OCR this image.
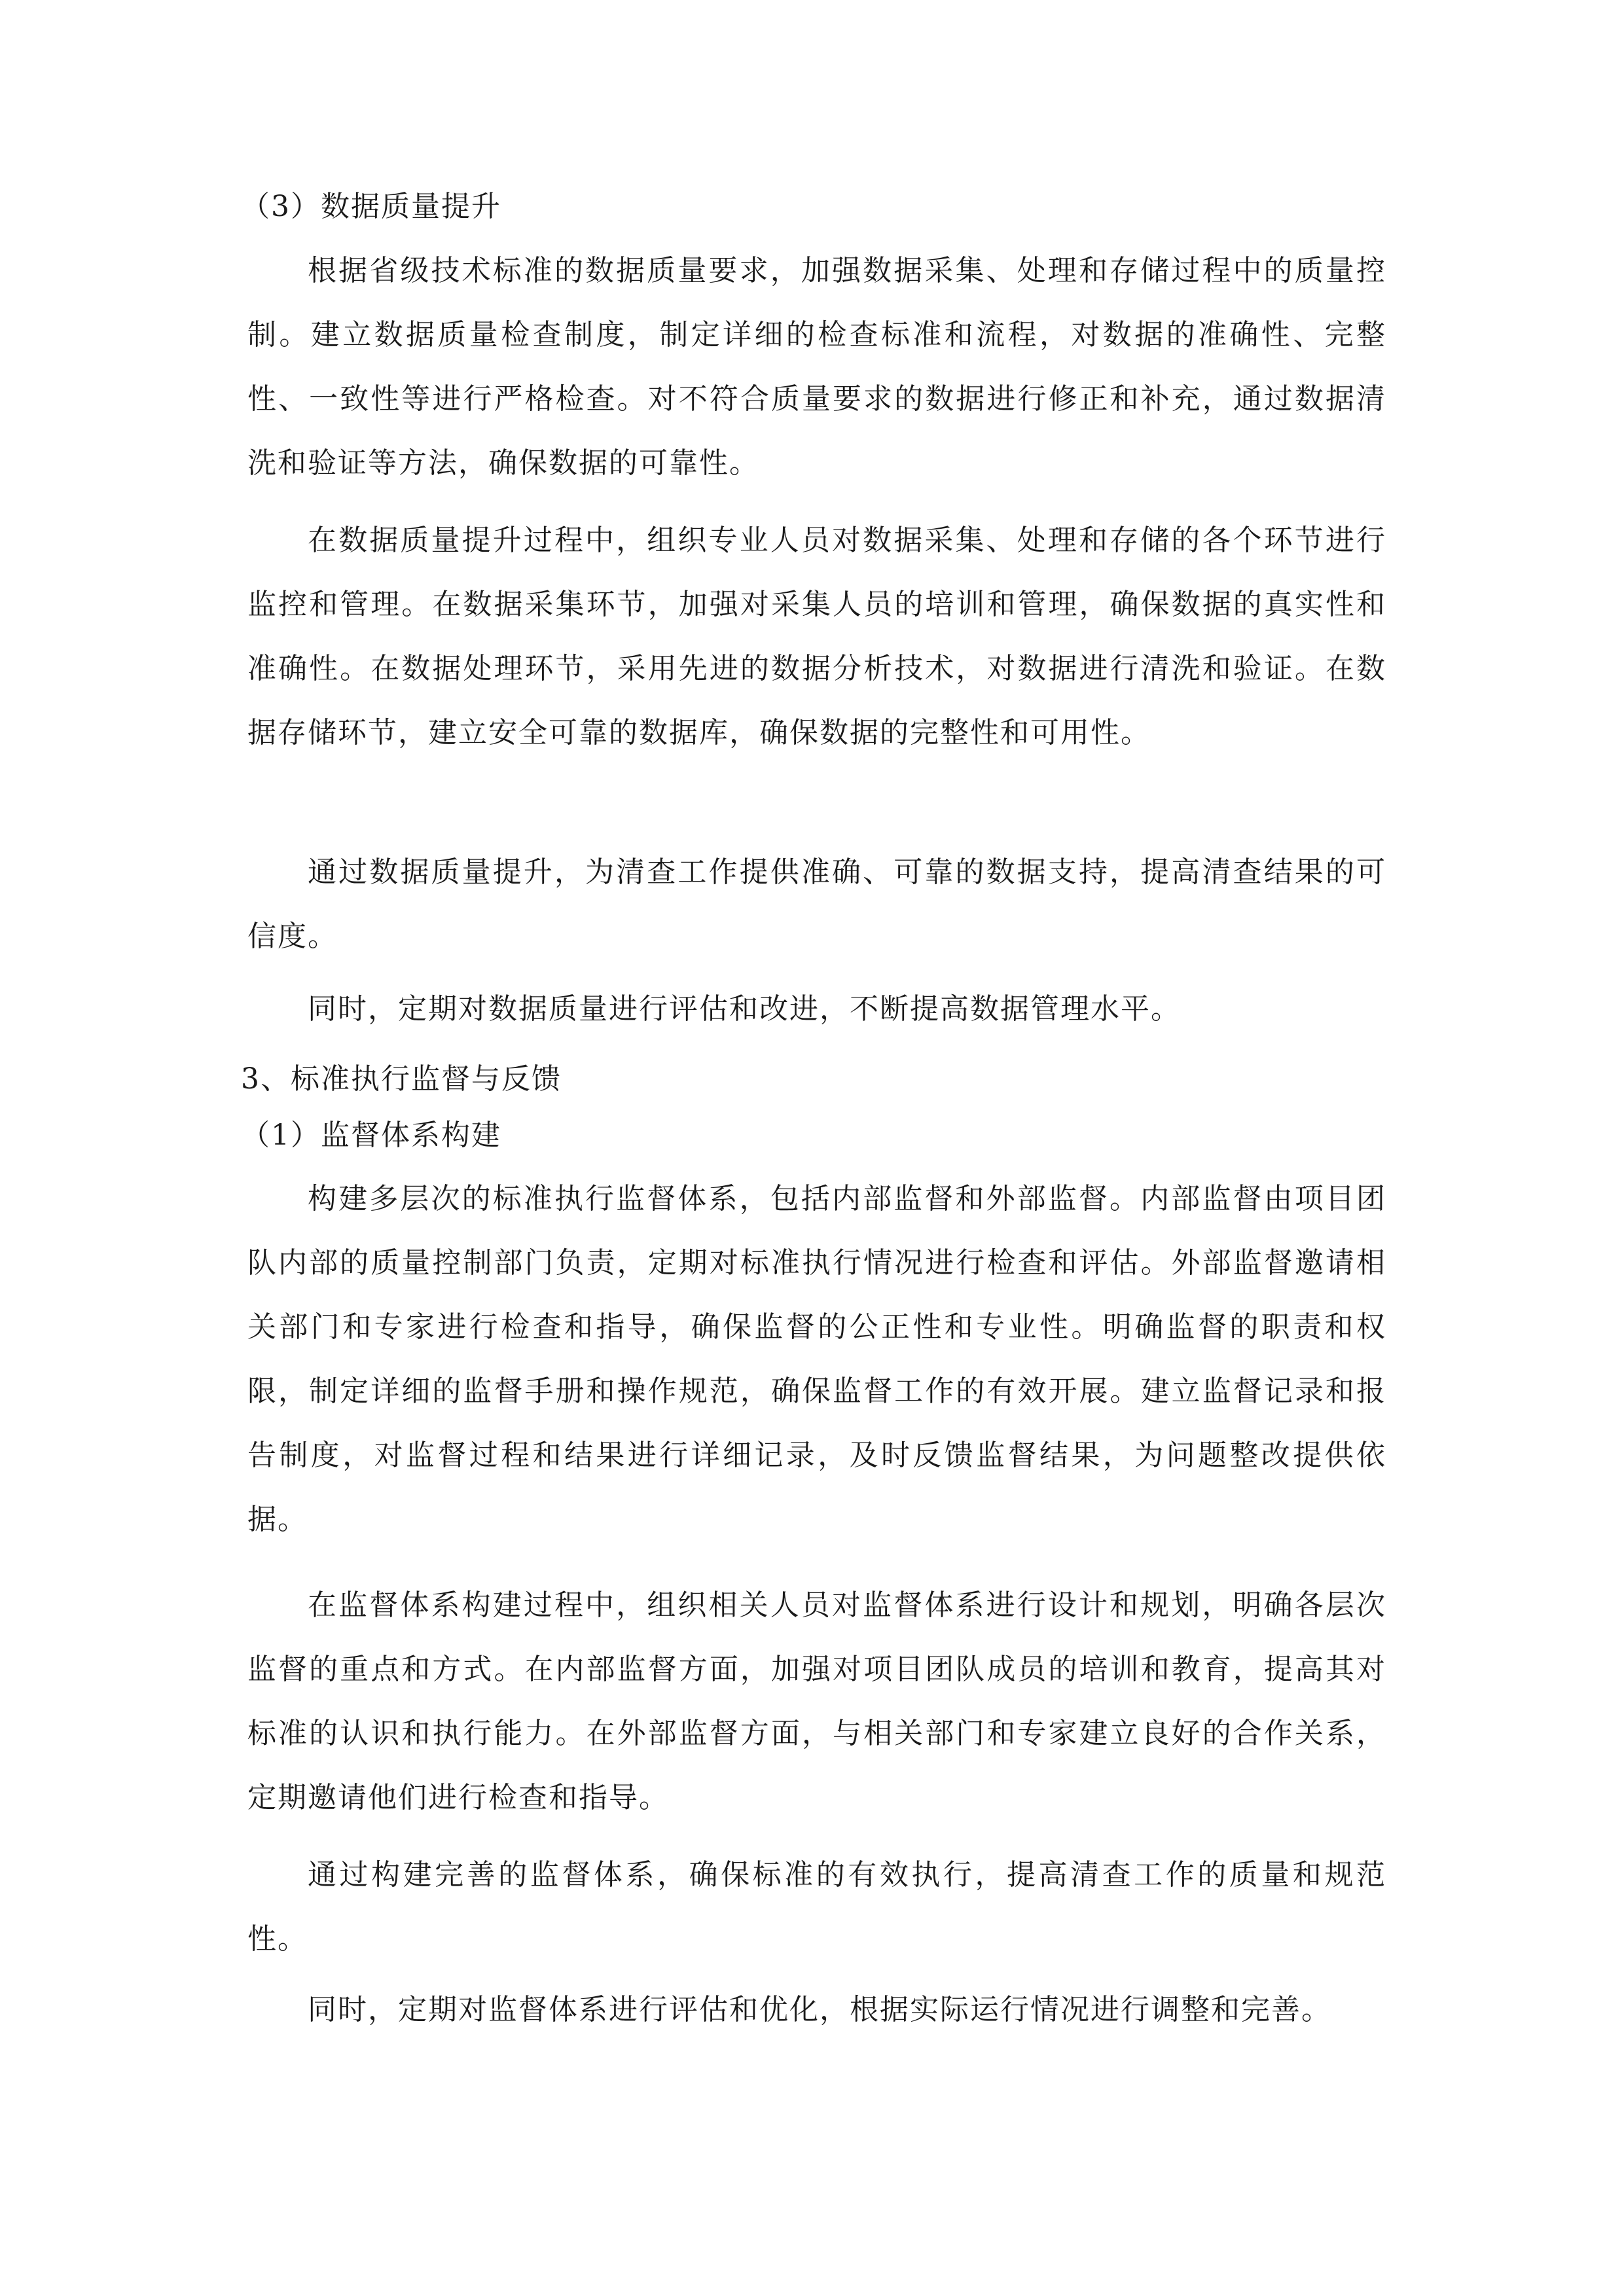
（3）数据质量提升

根据省级技术标准的数据质量要求，加强数据采集、处理和存储过程中的质量控制。建立数据质量检查制度，制定详细的检查标准和流程，对数据的准确性、完整性、一致性等进行严格检查。对不符合质量要求的数据进行修正和补充，通过数据清洗和验证等方法，确保数据的可靠性。

在数据质量提升过程中，组织专业人员对数据采集、处理和存储的各个环节进行监控和管理。在数据采集环节，加强对采集人员的培训和管理，确保数据的真实性和准确性。在数据处理环节，采用先进的数据分析技术，对数据进行清洗和验证。在数据存储环节，建立安全可靠的数据库，确保数据的完整性和可用性。

通过数据质量提升，为清查工作提供准确、可靠的数据支持，提高清查结果的可信度。

同时，定期对数据质量进行评估和改进，不断提高数据管理水平。

3、标准执行监督与反馈

（1）监督体系构建

构建多层次的标准执行监督体系，包括内部监督和外部监督。内部监督由项目团队内部的质量控制部门负责，定期对标准执行情况进行检查和评估。外部监督邀请相关部门和专家进行检查和指导，确保监督的公正性和专业性。明确监督的职责和权限，制定详细的监督手册和操作规范，确保监督工作的有效开展。建立监督记录和报告制度，对监督过程和结果进行详细记录，及时反馈监督结果，为问题整改提供依据。

在监督体系构建过程中，组织相关人员对监督体系进行设计和规划，明确各层次监督的重点和方式。在内部监督方面，加强对项目团队成员的培训和教育，提高其对标准的认识和执行能力。在外部监督方面，与相关部门和专家建立良好的合作关系，定期邀请他们进行检查和指导。

通过构建完善的监督体系，确保标准的有效执行，提高清查工作的质量和规范性。

同时，定期对监督体系进行评估和优化，根据实际运行情况进行调整和完善。
